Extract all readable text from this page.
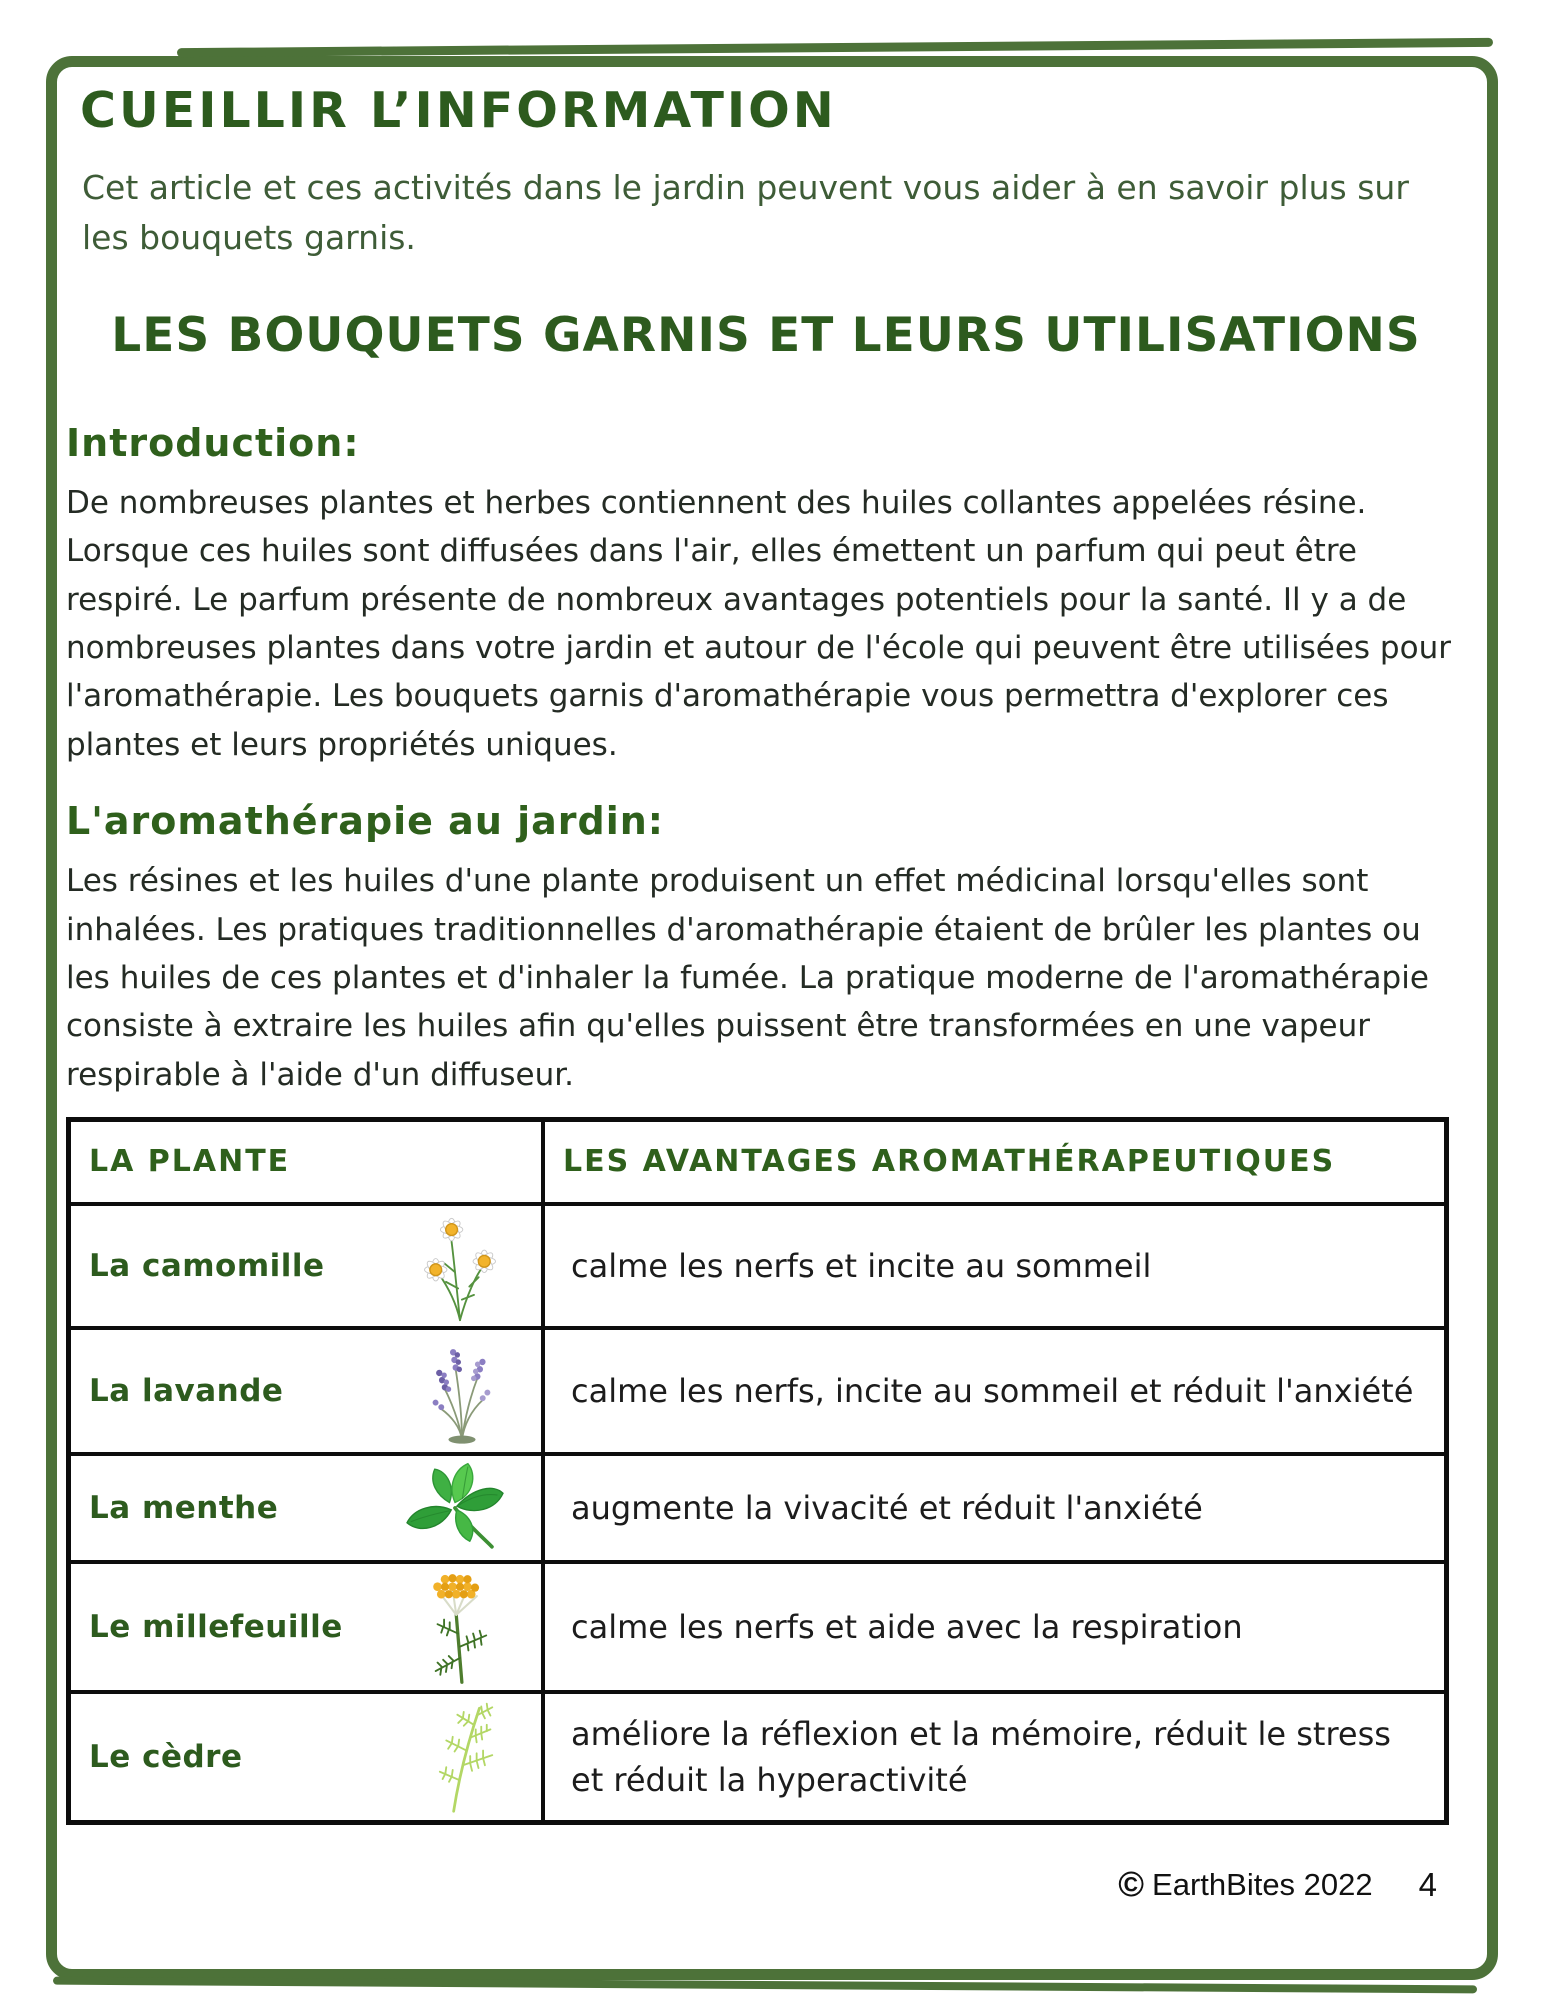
CUEILLIR L’INFORMATION

Cet article et ces activités dans le jardin peuvent vous aider à en savoir plus sur les bouquets garnis.

LES BOUQUETS GARNIS ET LEURS UTILISATIONS
Introduction:

De nombreuses plantes et herbes contiennent des huiles collantes appelées résine. Lorsque ces huiles sont diffusées dans l'air, elles émettent un parfum qui peut être respiré. Le parfum présente de nombreux avantages potentiels pour la santé. Il y a de nombreuses plantes dans votre jardin et autour de l'école qui peuvent être utilisées pour l'aromathérapie. Les bouquets garnis d'aromathérapie vous permettra d'explorer ces plantes et leurs propriétés uniques.

L'aromathérapie au jardin:

Les résines et les huiles d'une plante produisent un effet médicinal lorsqu'elles sont inhalées. Les pratiques traditionnelles d'aromathérapie étaient de brûler les plantes ou les huiles de ces plantes et d'inhaler la fumée. La pratique moderne de l'aromathérapie consiste à extraire les huiles afin qu'elles puissent être transformées en une vapeur respirable à l'aide d'un diffuseur.

LA PLANTE	LES AVANTAGES AROMATHÉRAPEUTIQUES

La camomille	calme les nerfs et incite au sommeil

La lavande	calme les nerfs, incite au sommeil et réduit l'anxiété

La menthe	augmente la vivacité et réduit l'anxiété

Le millefeuille	calme les nerfs et aide avec la respiration

Le cèdre	améliore la réflexion et la mémoire, réduit le stress et réduit la hyperactivité
© EarthBites 2022 4
